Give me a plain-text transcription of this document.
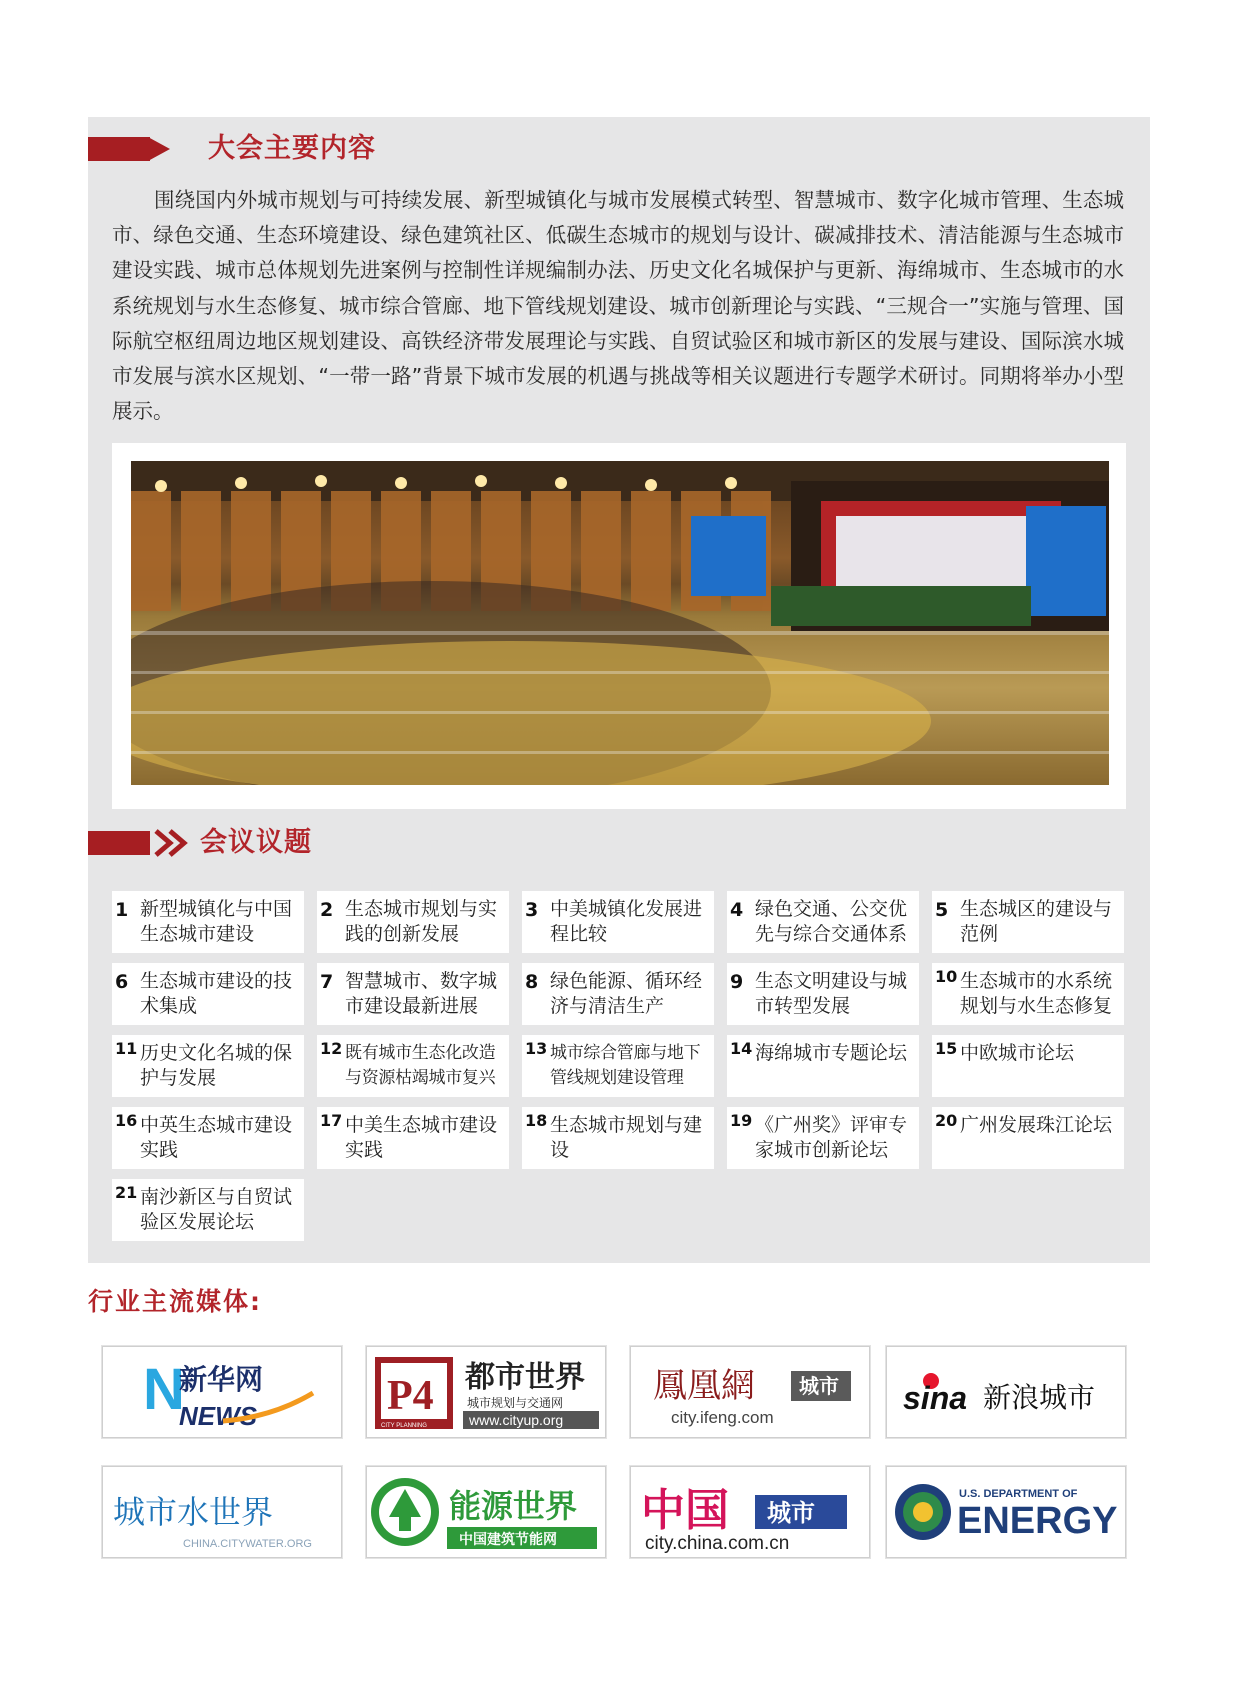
大会主要内容
围绕国内外城市规划与可持续发展、新型城镇化与城市发展模式转型、智慧城市、数字化城市管理、生态城市、绿色交通、生态环境建设、绿色建筑社区、低碳生态城市的规划与设计、碳减排技术、清洁能源与生态城市建设实践、城市总体规划先进案例与控制性详规编制办法、历史文化名城保护与更新、海绵城市、生态城市的水系统规划与水生态修复、城市综合管廊、地下管线规划建设、城市创新理论与实践、“三规合一”实施与管理、国际航空枢纽周边地区规划建设、高铁经济带发展理论与实践、自贸试验区和城市新区的发展与建设、国际滨水城市发展与滨水区规划、“一带一路”背景下城市发展的机遇与挑战等相关议题进行专题学术研讨。同期将举办小型展示。
会议议题
1 新型城镇化与中国生态城市建设
2 生态城市规划与实践的创新发展
3 中美城镇化发展进程比较
4 绿色交通、公交优先与综合交通体系
5 生态城区的建设与范例
6 生态城市建设的技术集成
7 智慧城市、数字城市建设最新进展
8 绿色能源、循环经济与清洁生产
9 生态文明建设与城市转型发展
10 生态城市的水系统规划与水生态修复
11 历史文化名城的保护与发展
12 既有城市生态化改造与资源枯竭城市复兴
13 城市综合管廊与地下管线规划建设管理
14 海绵城市专题论坛	15 中欧城市论坛
16 中英生态城市建设实践
17 中美生态城市建设实践
18 生态城市规划与建设
19 《广州奖》评审专家城市创新论坛
20 广州发展珠江论坛
21 南沙新区与自贸试验区发展论坛
行业主流媒体:
N
新华网
NEWS	P4
CITY PLANNING
都市世界
城市规划与交通网
www.cityup.org
鳳凰網 城市
city.ifeng.com
sina 新浪城市
城市水世界
CHINA.CITYWATER.ORG
能源世界
中国建筑节能网
中国 城市
city.china.com.cn
U.S. DEPARTMENT OF
ENERGY
